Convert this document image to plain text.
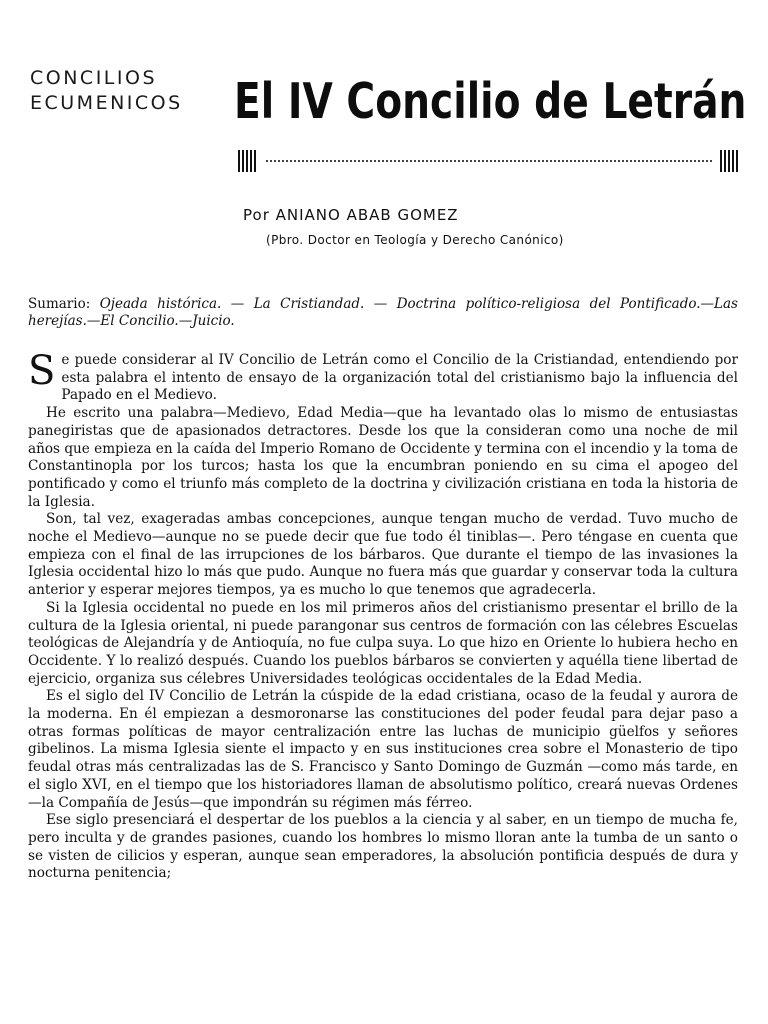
CONCILIOS
ECUMENICOS El IV Concilio de Letrán
Por ANIANO ABAB GOMEZ
(Pbro. Doctor en Teología y Derecho Canónico)
Sumario: Ojeada histórica. — La Cristiandad. — Doctrina político-religiosa del Pontificado.—Las herejías.—El Concilio.—Juicio.

Se puede considerar al IV Concilio de Letrán como el Concilio de la Cristiandad, entendiendo por esta palabra el intento de ensayo de la organización total del cristianismo bajo la influencia del Papado en el Medievo.

He escrito una palabra—Medievo, Edad Media—que ha levantado olas lo mismo de entusiastas panegiristas que de apasionados detractores. Desde los que la consideran como una noche de mil años que empieza en la caída del Imperio Romano de Occidente y termina con el incendio y la toma de Constantinopla por los turcos; hasta los que la encumbran poniendo en su cima el apogeo del pontificado y como el triunfo más completo de la doctrina y civilización cristiana en toda la historia de la Iglesia.

Son, tal vez, exageradas ambas concepciones, aunque tengan mucho de verdad. Tuvo mucho de noche el Medievo—aunque no se puede decir que fue todo él tiniblas—. Pero téngase en cuenta que empieza con el final de las irrupciones de los bárbaros. Que durante el tiempo de las invasiones la Iglesia occidental hizo lo más que pudo. Aunque no fuera más que guardar y conservar toda la cultura anterior y esperar mejores tiempos, ya es mucho lo que tenemos que agradecerla.

Si la Iglesia occidental no puede en los mil primeros años del cristianismo presentar el brillo de la cultura de la Iglesia oriental, ni puede parangonar sus centros de formación con las célebres Escuelas teológicas de Alejandría y de Antioquía, no fue culpa suya. Lo que hizo en Oriente lo hubiera hecho en Occidente. Y lo realizó después. Cuando los pueblos bárbaros se convierten y aquélla tiene libertad de ejercicio, organiza sus célebres Universidades teológicas occidentales de la Edad Media.

Es el siglo del IV Concilio de Letrán la cúspide de la edad cristiana, ocaso de la feudal y aurora de la moderna. En él empiezan a desmoronarse las constituciones del poder feudal para dejar paso a otras formas políticas de mayor centralización entre las luchas de municipio güelfos y señores gibelinos. La misma Iglesia siente el impacto y en sus instituciones crea sobre el Monasterio de tipo feudal otras más centralizadas las de S. Francisco y Santo Domingo de Guzmán —como más tarde, en el siglo XVI, en el tiempo que los historiadores llaman de absolutismo político, creará nuevas Ordenes—la Compañía de Jesús—que impondrán su régimen más férreo.

Ese siglo presenciará el despertar de los pueblos a la ciencia y al saber, en un tiempo de mucha fe, pero inculta y de grandes pasiones, cuando los hombres lo mismo lloran ante la tumba de un santo o se visten de cilicios y esperan, aunque sean emperadores, la absolución pontificia después de dura y nocturna penitencia;
